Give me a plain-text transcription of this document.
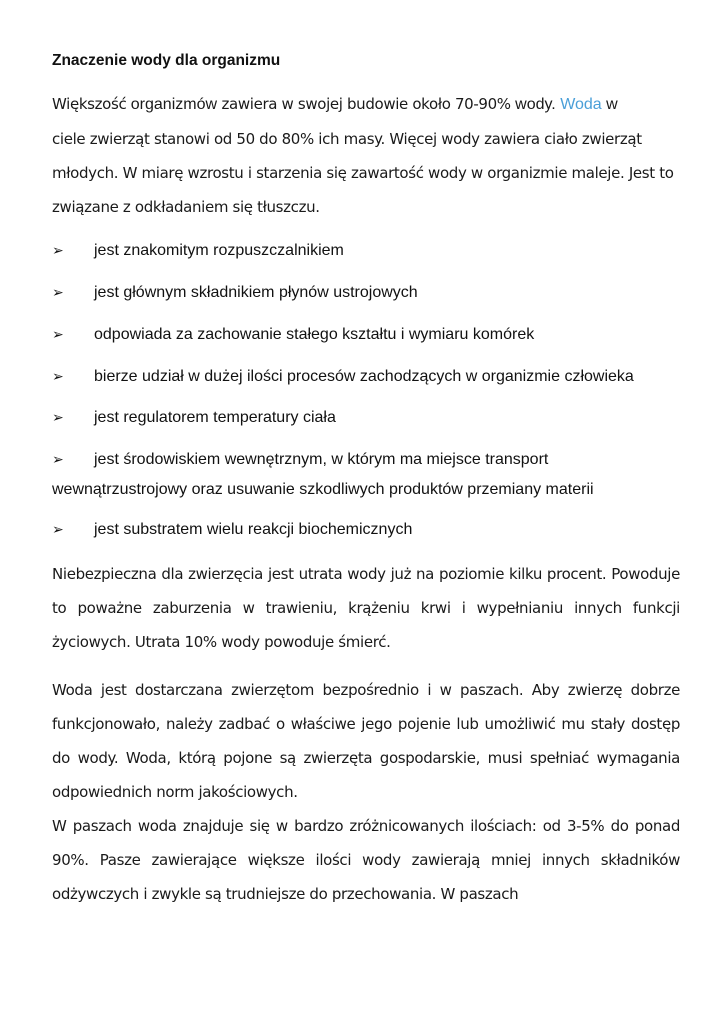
Znaczenie wody dla organizmu
Większość organizmów zawiera w swojej budowie około 70-90% wody. Woda w
ciele zwierząt stanowi od 50 do 80% ich masy. Więcej wody zawiera ciało zwierząt młodych. W miarę wzrostu i starzenia się zawartość wody w organizmie maleje. Jest to związane z odkładaniem się tłuszczu.
➢ jest znakomitym rozpuszczalnikiem
➢ jest głównym składnikiem płynów ustrojowych
➢ odpowiada za zachowanie stałego kształtu i wymiaru komórek
➢ bierze udział w dużej ilości procesów zachodzących w organizmie człowieka
➢ jest regulatorem temperatury ciała
➢ jest środowiskiem wewnętrznym, w którym ma miejsce transport wewnątrzustrojowy oraz usuwanie szkodliwych produktów przemiany materii
➢ jest substratem wielu reakcji biochemicznych
Niebezpieczna dla zwierzęcia jest utrata wody już na poziomie kilku procent. Powoduje to poważne zaburzenia w trawieniu, krążeniu krwi i wypełnianiu innych funkcji życiowych. Utrata 10% wody powoduje śmierć.
Woda jest dostarczana zwierzętom bezpośrednio i w paszach. Aby zwierzę dobrze funkcjonowało, należy zadbać o właściwe jego pojenie lub umożliwić mu stały dostęp do wody. Woda, którą pojone są zwierzęta gospodarskie, musi spełniać wymagania odpowiednich norm jakościowych.
W paszach woda znajduje się w bardzo zróżnicowanych ilościach: od 3-5% do ponad 90%. Pasze zawierające większe ilości wody zawierają mniej innych składników odżywczych i zwykle są trudniejsze do przechowania. W paszach
